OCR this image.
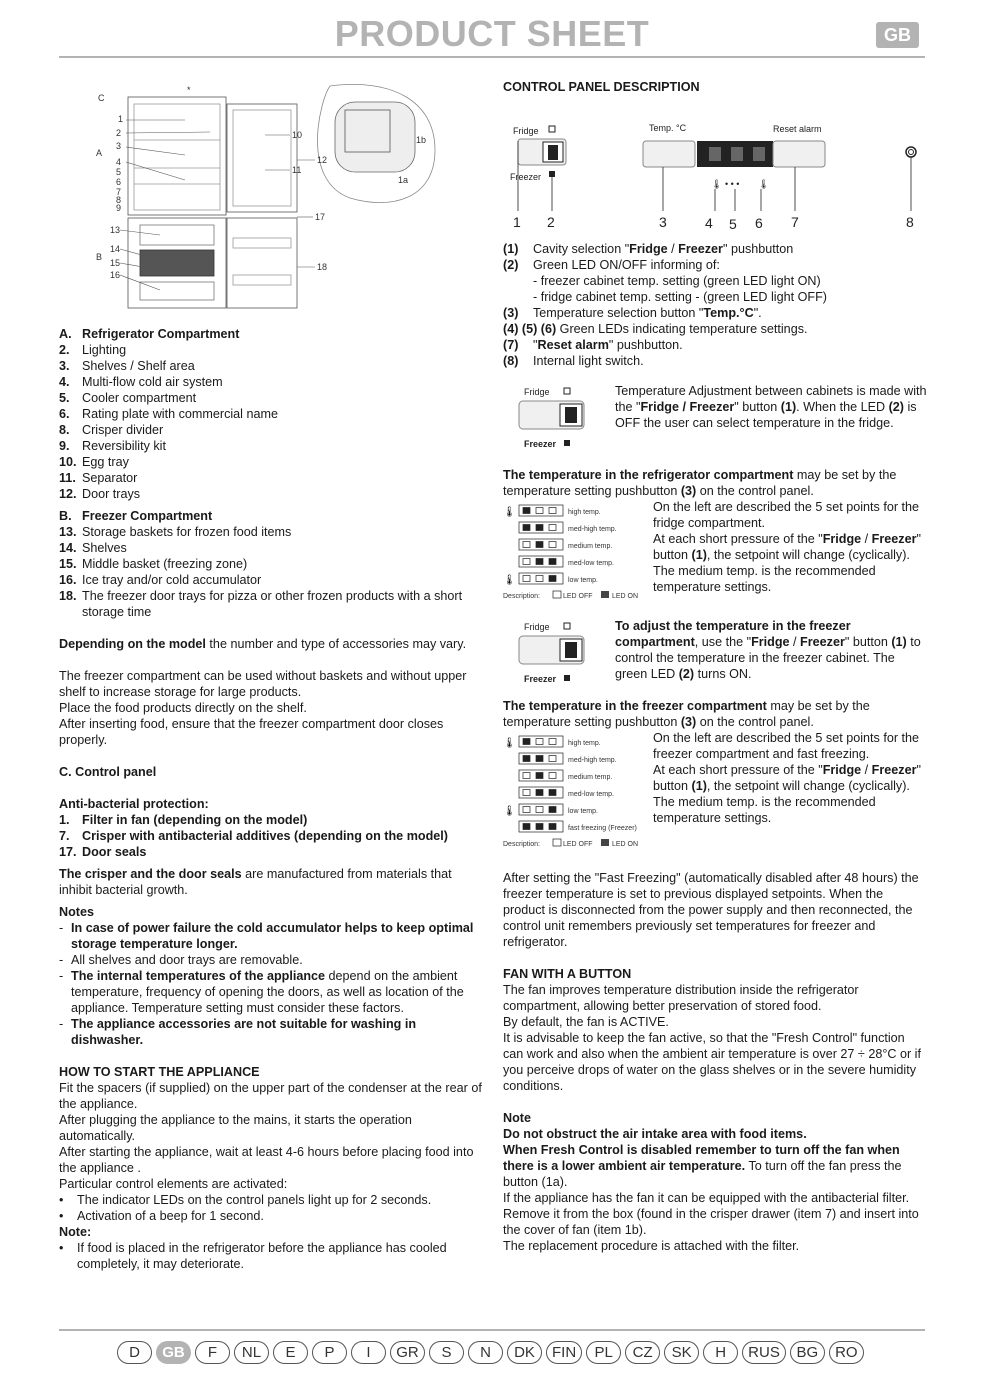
PRODUCT SHEET	GB
*
C
A
B
1
2
3
4
5
6
7
8
9
13
14
15
16
10
11
12
17
18
1b
1a
A. Refrigerator Compartment
2. Lighting
3. Shelves / Shelf area
4. Multi-flow cold air system
5. Cooler compartment
6. Rating plate with commercial name
8. Crisper divider
9. Reversibility kit
10. Egg tray
11. Separator
12. Door trays
B. Freezer Compartment
13. Storage baskets for frozen food items
14. Shelves
15. Middle basket (freezing zone)
16. Ice tray and/or cold accumulator
18. The freezer door trays for pizza or other frozen products with a short storage time

Depending on the model the number and type of accessories may vary.

The freezer compartment can be used without baskets and without upper shelf to increase storage for large products.

Place the food products directly on the shelf.

After inserting food, ensure that the freezer compartment door closes properly.

C. Control panel

Anti-bacterial protection:

1. Filter in fan (depending on the model)
7. Crisper with antibacterial additives (depending on the model)
17. Door seals

The crisper and the door seals are manufactured from materials that inhibit bacterial growth.

Notes

- In case of power failure the cold accumulator helps to keep optimal storage temperature longer.
- All shelves and door trays are removable.
- The internal temperatures of the appliance depend on the ambient temperature, frequency of opening the doors, as well as location of the appliance. Temperature setting must consider these factors.
- The appliance accessories are not suitable for washing in dishwasher.

HOW TO START THE APPLIANCE

Fit the spacers (if supplied) on the upper part of the condenser at the rear of the appliance.

After plugging the appliance to the mains, it starts the operation automatically.

After starting the appliance, wait at least 4-6 hours before placing food into the appliance .

Particular control elements are activated:

•	The indicator LEDs on the control panels light up for 2 seconds.
•	Activation of a beep for 1 second.

Note:

•	If food is placed in the refrigerator before the appliance has cooled completely, it may deteriorate.

CONTROL PANEL DESCRIPTION

Fridge
Freezer
Temp. °C	Reset alarm
🌡 • • • 🌡
1 2	3	4 5 6 7	8
(1)	Cavity selection "Fridge / Freezer" pushbutton
(2)	Green LED ON/OFF informing of:

- freezer cabinet temp. setting (green LED light ON)

- fridge cabinet temp. setting - (green LED light OFF)

(3)	Temperature selection button "Temp.°C".

(4) (5) (6) Green LEDs indicating temperature settings.

(7)	"Reset alarm" pushbutton.
(8)	Internal light switch.
Fridge
Freezer

Temperature Adjustment between cabinets is made with the "Fridge / Freezer" button (1). When the LED (2) is OFF the user can select temperature in the fridge.

The temperature in the refrigerator compartment may be set by the temperature setting pushbutton (3) on the control panel.

🌡	high temp.
med-high temp.
medium temp.
med-low temp.
🌡	low temp.
Description:	LED OFF	LED ON

On the left are described the 5 set points for the fridge compartment.

At each short pressure of the "Fridge / Freezer" button (1), the setpoint will change (cyclically).

The medium temp. is the recommended temperature settings.

Fridge
Freezer

To adjust the temperature in the freezer compartment, use the "Fridge / Freezer" button (1) to control the temperature in the freezer cabinet. The green LED (2) turns ON.

The temperature in the freezer compartment may be set by the temperature setting pushbutton (3) on the control panel.

🌡	high temp.
med-high temp.
medium temp.
med-low temp.
🌡	low temp.
fast freezing (Freezer)
Description:	LED OFF	LED ON

On the left are described the 5 set points for the freezer compartment and fast freezing.

At each short pressure of the "Fridge / Freezer" button (1), the setpoint will change (cyclically).

The medium temp. is the recommended temperature settings.

After setting the "Fast Freezing" (automatically disabled after 48 hours) the freezer temperature is set to previous displayed setpoints. When the product is disconnected from the power supply and then reconnected, the control unit remembers previously set temperatures for freezer and refrigerator.

FAN WITH A BUTTON

The fan improves temperature distribution inside the refrigerator compartment, allowing better preservation of stored food.

By default, the fan is ACTIVE.

It is advisable to keep the fan active, so that the "Fresh Control" function can work and also when the ambient air temperature is over 27 ÷ 28°C or if you perceive drops of water on the glass shelves or in the severe humidity conditions.

Note

Do not obstruct the air intake area with food items.

When Fresh Control is disabled remember to turn off the fan when there is a lower ambient air temperature. To turn off the fan press the button (1a).

If the appliance has the fan it can be equipped with the antibacterial filter.

Remove it from the box (found in the crisper drawer (item 7) and insert into the cover of fan (item 1b).

The replacement procedure is attached with the filter.

D	GB	F	NL	E	P	I	GR	S	N	DK	FIN	PL	CZ	SK	H	RUS	BG	RO
